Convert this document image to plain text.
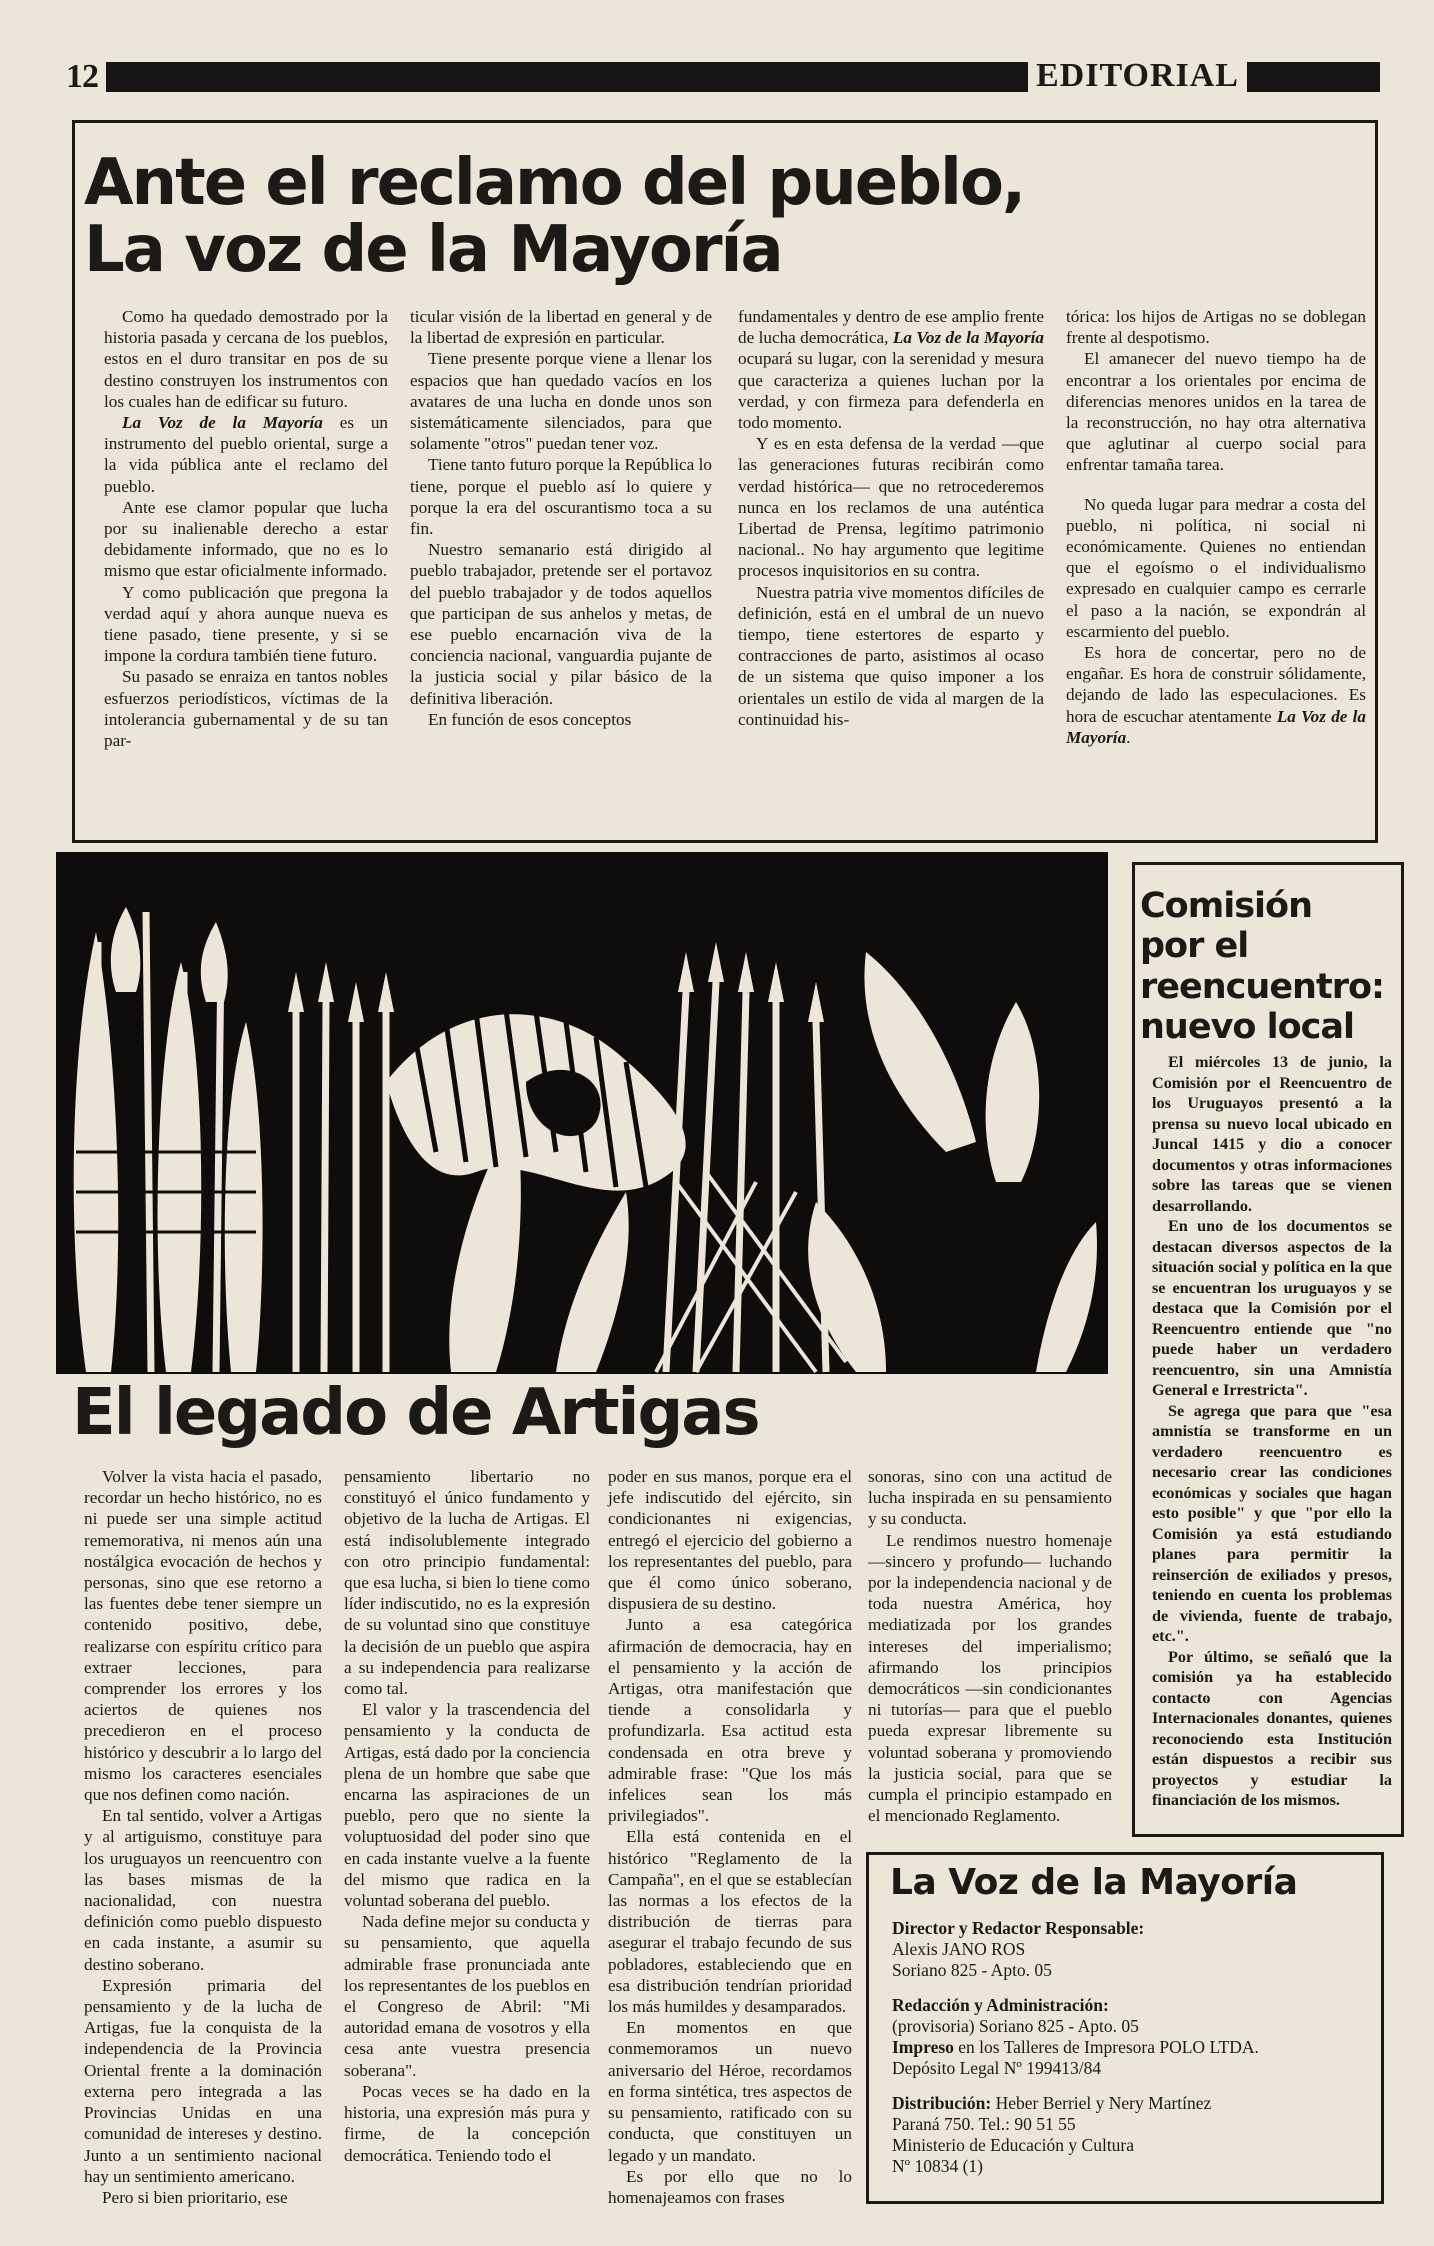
12	EDITORIAL
Ante el reclamo del pueblo,
La voz de la Mayoría

Como ha quedado demostrado por la historia pasada y cercana de los pueblos, estos en el duro transitar en pos de su destino construyen los instrumentos con los cuales han de edificar su futuro.

La Voz de la Mayoría es un instrumento del pueblo oriental, surge a la vida pública ante el reclamo del pueblo.

Ante ese clamor popular que lucha por su inalienable derecho a estar debidamente informado, que no es lo mismo que estar oficialmente informado.

Y como publicación que pregona la verdad aquí y ahora aunque nueva es tiene pasado, tiene presente, y si se impone la cordura también tiene futuro.

Su pasado se enraiza en tantos nobles esfuerzos periodísticos, víctimas de la intolerancia gubernamental y de su tan par-

ticular visión de la libertad en general y de la libertad de expresión en particular.

Tiene presente porque viene a llenar los espacios que han quedado vacíos en los avatares de una lucha en donde unos son sistemáticamente silenciados, para que solamente "otros" puedan tener voz.

Tiene tanto futuro porque la República lo tiene, porque el pueblo así lo quiere y porque la era del oscurantismo toca a su fin.

Nuestro semanario está dirigido al pueblo trabajador, pretende ser el portavoz del pueblo trabajador y de todos aquellos que participan de sus anhelos y metas, de ese pueblo encarnación viva de la conciencia nacional, vanguardia pujante de la justicia social y pilar básico de la definitiva liberación.

En función de esos conceptos

fundamentales y dentro de ese amplio frente de lucha democrática, La Voz de la Mayoría ocupará su lugar, con la serenidad y mesura que caracteriza a quienes luchan por la verdad, y con firmeza para defenderla en todo momento.

Y es en esta defensa de la verdad —que las generaciones futuras recibirán como verdad histórica— que no retrocederemos nunca en los reclamos de una auténtica Libertad de Prensa, legítimo patrimonio nacional.. No hay argumento que legitime procesos inquisitorios en su contra.

Nuestra patria vive momentos difíciles de definición, está en el umbral de un nuevo tiempo, tiene estertores de esparto y contracciones de parto, asistimos al ocaso de un sistema que quiso imponer a los orientales un estilo de vida al margen de la continuidad his-

tórica: los hijos de Artigas no se doblegan frente al despotismo.

El amanecer del nuevo tiempo ha de encontrar a los orientales por encima de diferencias menores unidos en la tarea de la reconstrucción, no hay otra alternativa que aglutinar al cuerpo social para enfrentar tamaña tarea.

No queda lugar para medrar a costa del pueblo, ni política, ni social ni económicamente. Quienes no entiendan que el egoísmo o el individualismo expresado en cualquier campo es cerrarle el paso a la nación, se expondrán al escarmiento del pueblo.

Es hora de concertar, pero no de engañar. Es hora de construir sólidamente, dejando de lado las especulaciones. Es hora de escuchar atentamente La Voz de la Mayoría.

Comisión
por el
reencuentro:
nuevo local

El miércoles 13 de junio, la Comisión por el Reencuentro de los Uruguayos presentó a la prensa su nuevo local ubicado en Juncal 1415 y dio a conocer documentos y otras informaciones sobre las tareas que se vienen desarrollando.

En uno de los documentos se destacan diversos aspectos de la situación social y política en la que se encuentran los uruguayos y se destaca que la Comisión por el Reencuentro entiende que "no puede haber un verdadero reencuentro, sin una Amnistía General e Irrestricta".

Se agrega que para que "esa amnistía se transforme en un verdadero reencuentro es necesario crear las condiciones económicas y sociales que hagan esto posible" y que "por ello la Comisión ya está estudiando planes para permitir la reinserción de exiliados y presos, teniendo en cuenta los problemas de vivienda, fuente de trabajo, etc.".

Por último, se señaló que la comisión ya ha establecido contacto con Agencias Internacionales donantes, quienes reconociendo esta Institución están dispuestos a recibir sus proyectos y estudiar la financiación de los mismos.

El legado de Artigas

Volver la vista hacia el pasado, recordar un hecho histórico, no es ni puede ser una simple actitud rememorativa, ni menos aún una nostálgica evocación de hechos y personas, sino que ese retorno a las fuentes debe tener siempre un contenido positivo, debe, realizarse con espíritu crítico para extraer lecciones, para comprender los errores y los aciertos de quienes nos precedieron en el proceso histórico y descubrir a lo largo del mismo los caracteres esenciales que nos definen como nación.

En tal sentido, volver a Artigas y al artiguismo, constituye para los uruguayos un reencuentro con las bases mismas de la nacionalidad, con nuestra definición como pueblo dispuesto en cada instante, a asumir su destino soberano.

Expresión primaria del pensamiento y de la lucha de Artigas, fue la conquista de la independencia de la Provincia Oriental frente a la dominación externa pero integrada a las Provincias Unidas en una comunidad de intereses y destino. Junto a un sentimiento nacional hay un sentimiento americano.

Pero si bien prioritario, ese

pensamiento libertario no constituyó el único fundamento y objetivo de la lucha de Artigas. El está indisolublemente integrado con otro principio fundamental: que esa lucha, si bien lo tiene como líder indiscutido, no es la expresión de su voluntad sino que constituye la decisión de un pueblo que aspira a su independencia para realizarse como tal.

El valor y la trascendencia del pensamiento y la conducta de Artigas, está dado por la conciencia plena de un hombre que sabe que encarna las aspiraciones de un pueblo, pero que no siente la voluptuosidad del poder sino que en cada instante vuelve a la fuente del mismo que radica en la voluntad soberana del pueblo.

Nada define mejor su conducta y su pensamiento, que aquella admirable frase pronunciada ante los representantes de los pueblos en el Congreso de Abril: "Mi autoridad emana de vosotros y ella cesa ante vuestra presencia soberana".

Pocas veces se ha dado en la historia, una expresión más pura y firme, de la concepción democrática. Teniendo todo el

poder en sus manos, porque era el jefe indiscutido del ejército, sin condicionantes ni exigencias, entregó el ejercicio del gobierno a los representantes del pueblo, para que él como único soberano, dispusiera de su destino.

Junto a esa categórica afirmación de democracia, hay en el pensamiento y la acción de Artigas, otra manifestación que tiende a consolidarla y profundizarla. Esa actitud esta condensada en otra breve y admirable frase: "Que los más infelices sean los más privilegiados".

Ella está contenida en el histórico "Reglamento de la Campaña", en el que se establecían las normas a los efectos de la distribución de tierras para asegurar el trabajo fecundo de sus pobladores, estableciendo que en esa distribución tendrían prioridad los más humildes y desamparados.

En momentos en que conmemoramos un nuevo aniversario del Héroe, recordamos en forma sintética, tres aspectos de su pensamiento, ratificado con su conducta, que constituyen un legado y un mandato.

Es por ello que no lo homenajeamos con frases

sonoras, sino con una actitud de lucha inspirada en su pensamiento y su conducta.

Le rendimos nuestro homenaje —sincero y profundo— luchando por la independencia nacional y de toda nuestra América, hoy mediatizada por los grandes intereses del imperialismo; afirmando los principios democráticos —sin condicionantes ni tutorías— para que el pueblo pueda expresar libremente su voluntad soberana y promoviendo la justicia social, para que se cumpla el principio estampado en el mencionado Reglamento.

La Voz de la Mayoría
Director y Redactor Responsable:
Alexis JANO ROS
Soriano 825 - Apto. 05
Redacción y Administración:
(provisoria) Soriano 825 - Apto. 05
Impreso en los Talleres de Impresora POLO LTDA.
Depósito Legal Nº 199413/84
Distribución: Heber Berriel y Nery Martínez
Paraná 750. Tel.: 90 51 55
Ministerio de Educación y Cultura
Nº 10834 (1)
